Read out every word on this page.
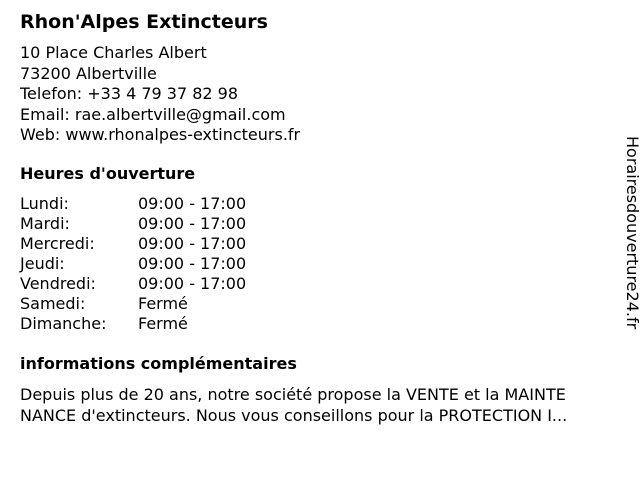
Rhon'Alpes Extincteurs
10 Place Charles Albert
73200 Albertville
Telefon: +33 4 79 37 82 98
Email: rae.albertville@gmail.com
Web: www.rhonalpes-extincteurs.fr
Heures d'ouverture
Lundi:	09:00 - 17:00
Mardi:	09:00 - 17:00
Mercredi:	09:00 - 17:00
Jeudi:	09:00 - 17:00
Vendredi:	09:00 - 17:00
Samedi:	Fermé
Dimanche:	Fermé
informations complémentaires
Depuis plus de 20 ans, notre société propose la VENTE et la MAINTE
NANCE d'extincteurs. Nous vous conseillons pour la PROTECTION I...
Horairesdouverture24.fr
